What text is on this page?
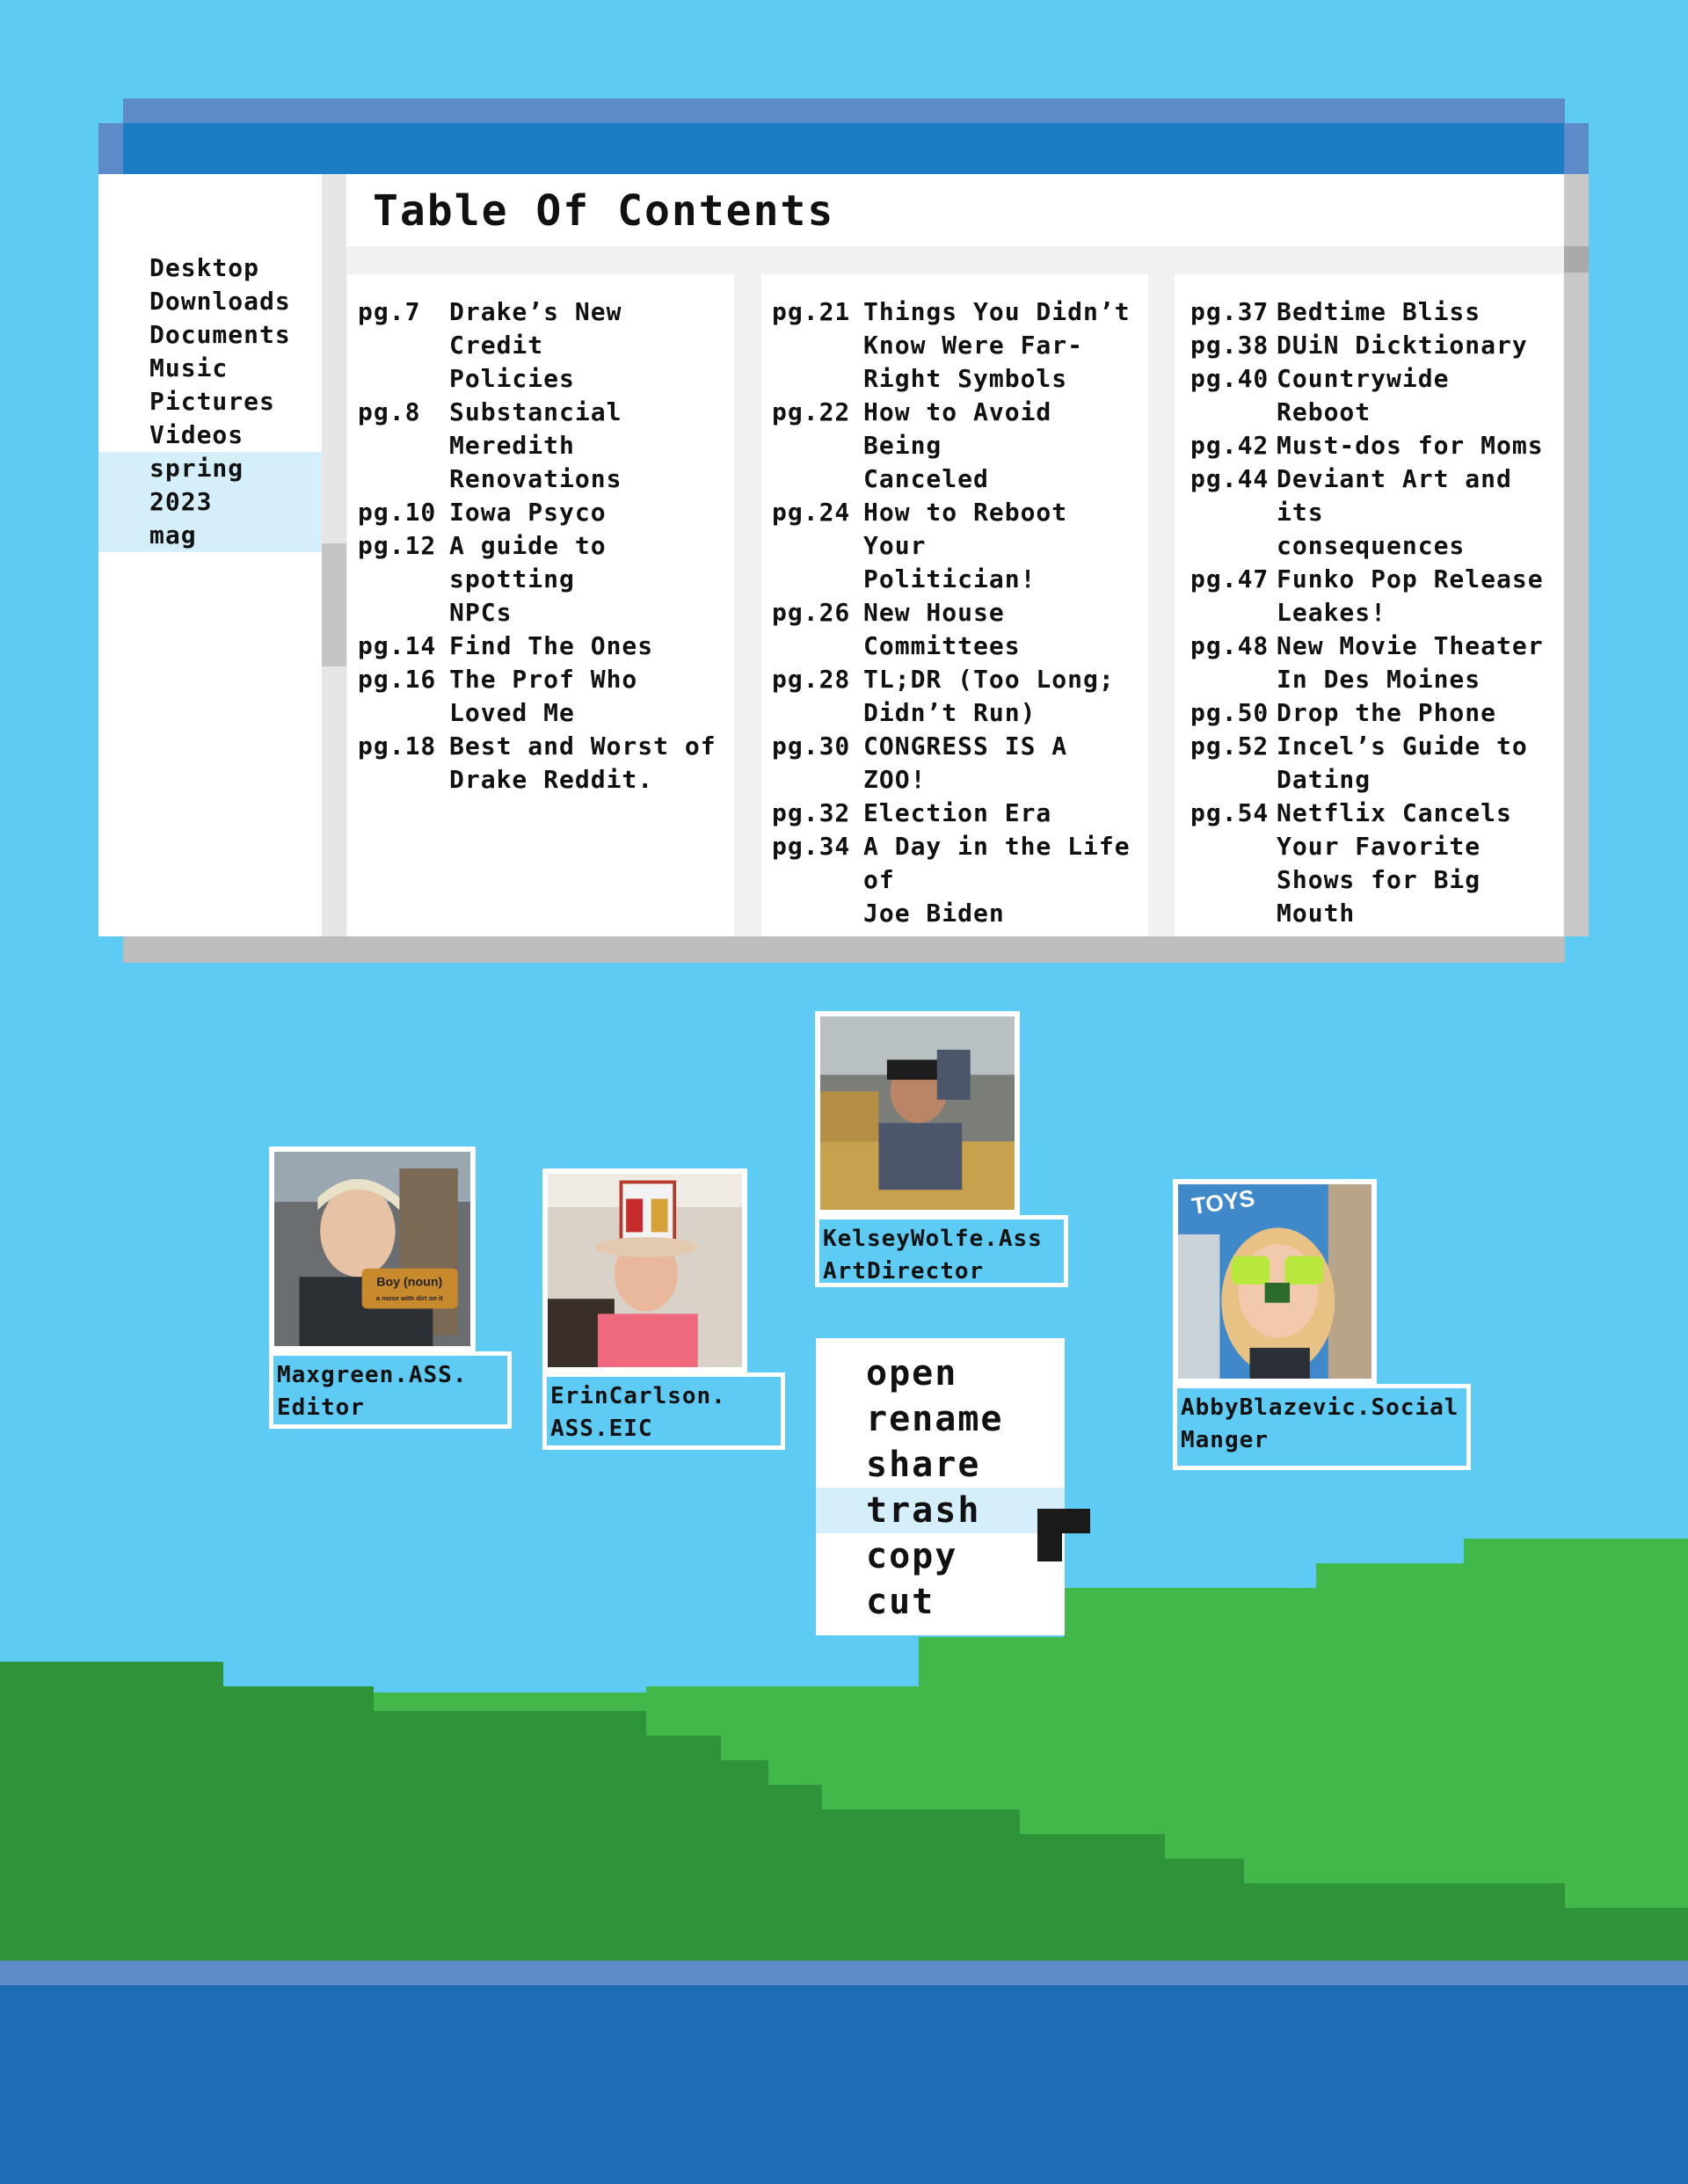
Desktop
Downloads
Documents
Music
Pictures
Videos
spring 2023
mag
Table Of Contents
pg.7	Drake’s New Credit
Policies
pg.8	Substancial
Meredith
Renovations
pg.10 Iowa Psyco
pg.12 A guide to spotting
NPCs
pg.14 Find The Ones
pg.16 The Prof Who
Loved Me
pg.18 Best and Worst of
Drake Reddit.
pg.21 Things You Didn’t
Know Were Far-
Right Symbols
pg.22 How to Avoid Being
Canceled
pg.24 How to Reboot Your
Politician!
pg.26 New House
Committees
pg.28 TL;DR (Too Long;
Didn’t Run)
pg.30 CONGRESS IS A ZOO!
pg.32 Election Era
pg.34 A Day in the Life of
Joe Biden
pg.37 Bedtime Bliss
pg.38 DUiN Dicktionary
pg.40 Countrywide
Reboot
pg.42 Must-dos for Moms
pg.44 Deviant Art and its
consequences
pg.47 Funko Pop Release
Leakes!
pg.48 New Movie Theater
In Des Moines
pg.50 Drop the Phone
pg.52 Incel’s Guide to
Dating
pg.54 Netflix Cancels
Your Favorite
Shows for Big
Mouth
Boy (noun)
a noise with dirt on it
Maxgreen.ASS.
Editor	ErinCarlson.
ASS.EIC
KelseyWolfe.Ass
ArtDirector
TOYS
AbbyBlazevic.Social
Manger
open
rename
share
trash
copy
cut
